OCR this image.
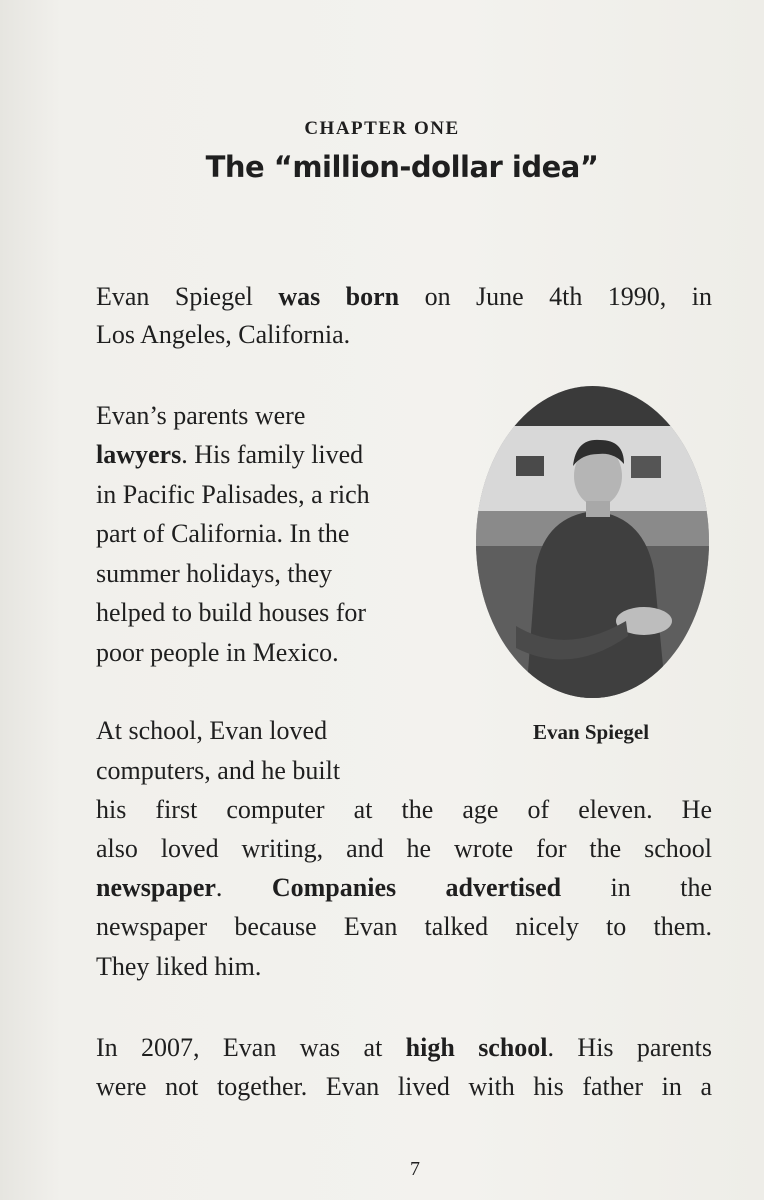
CHAPTER ONE
The “million-dollar idea”
Evan Spiegel was born on June 4th 1990, in
Los Angeles, California.
Evan’s parents were
lawyers. His family lived
in Pacific Palisades, a rich
part of California. In the
summer holidays, they
helped to build houses for
poor people in Mexico.
Evan Spiegel
At school, Evan loved
computers, and he built
his first computer at the age of eleven. He
also loved writing, and he wrote for the school
newspaper. Companies advertised in the
newspaper because Evan talked nicely to them.
They liked him.
In 2007, Evan was at high school. His parents
were not together. Evan lived with his father in a
7
